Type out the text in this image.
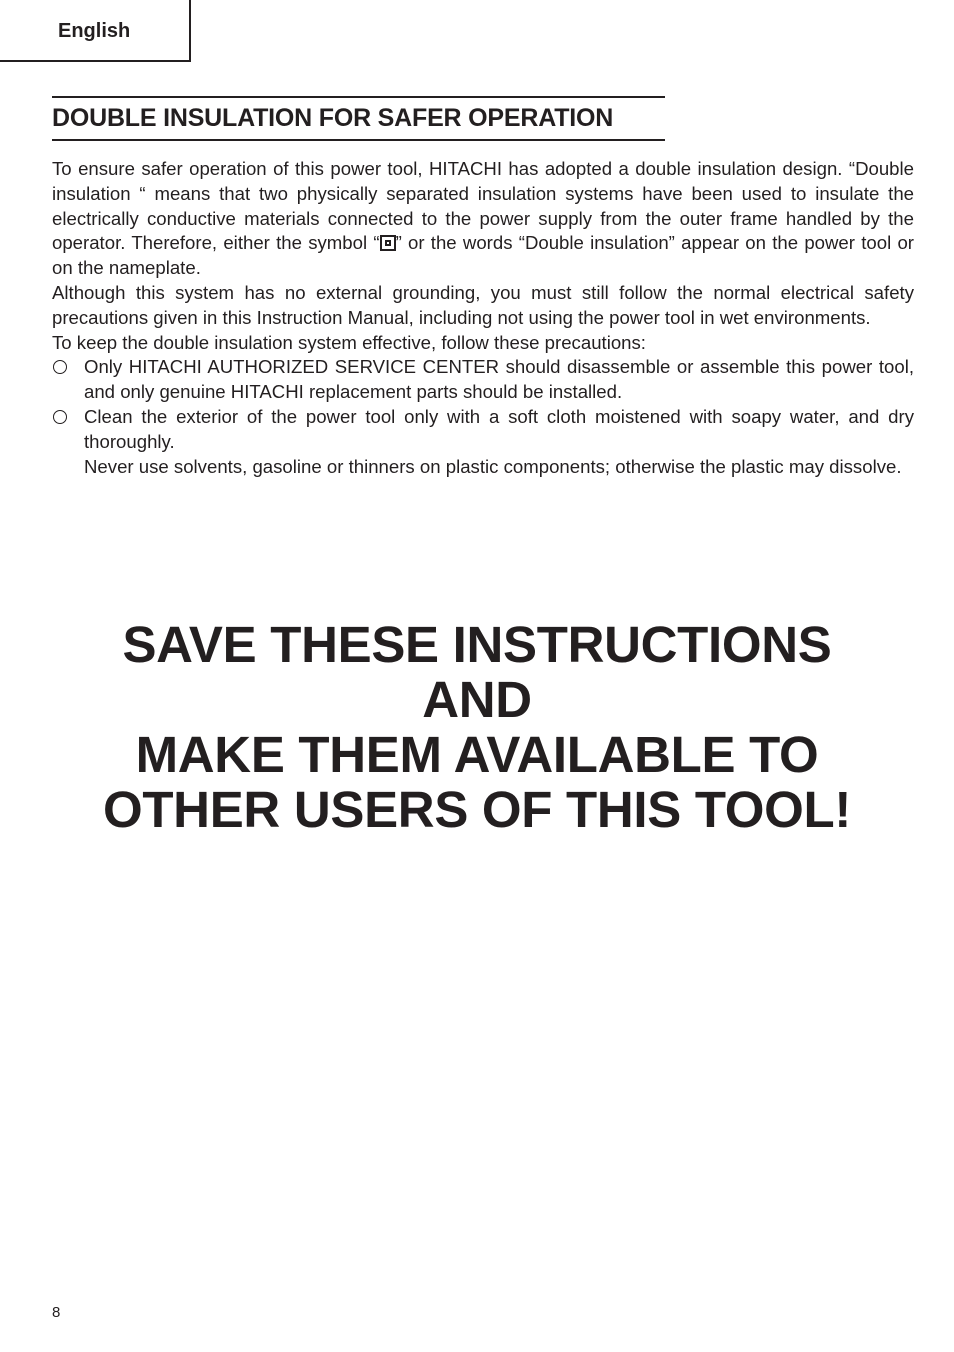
English
DOUBLE INSULATION FOR SAFER OPERATION

To ensure safer operation of this power tool, HITACHI has adopted a double insulation design. “Double insulation “ means that two physically separated insulation systems have been used to insulate the electrically conductive materials connected to the power supply from the outer frame handled by the operator. Therefore, either the symbol “ ” or the words “Double insulation” appear on the power tool or on the nameplate.

Although this system has no external grounding, you must still follow the normal electrical safety precautions given in this Instruction Manual, including not using the power tool in wet environments.

To keep the double insulation system effective, follow these precautions:

Only HITACHI AUTHORIZED SERVICE CENTER should disassemble or assemble this power tool, and only genuine HITACHI replacement parts should be installed.

Clean the exterior of the power tool only with a soft cloth moistened with soapy water, and dry thoroughly.

Never use solvents, gasoline or thinners on plastic components; otherwise the plastic may dissolve.

SAVE THESE INSTRUCTIONS
AND
MAKE THEM AVAILABLE TO
OTHER USERS OF THIS TOOL!
8
